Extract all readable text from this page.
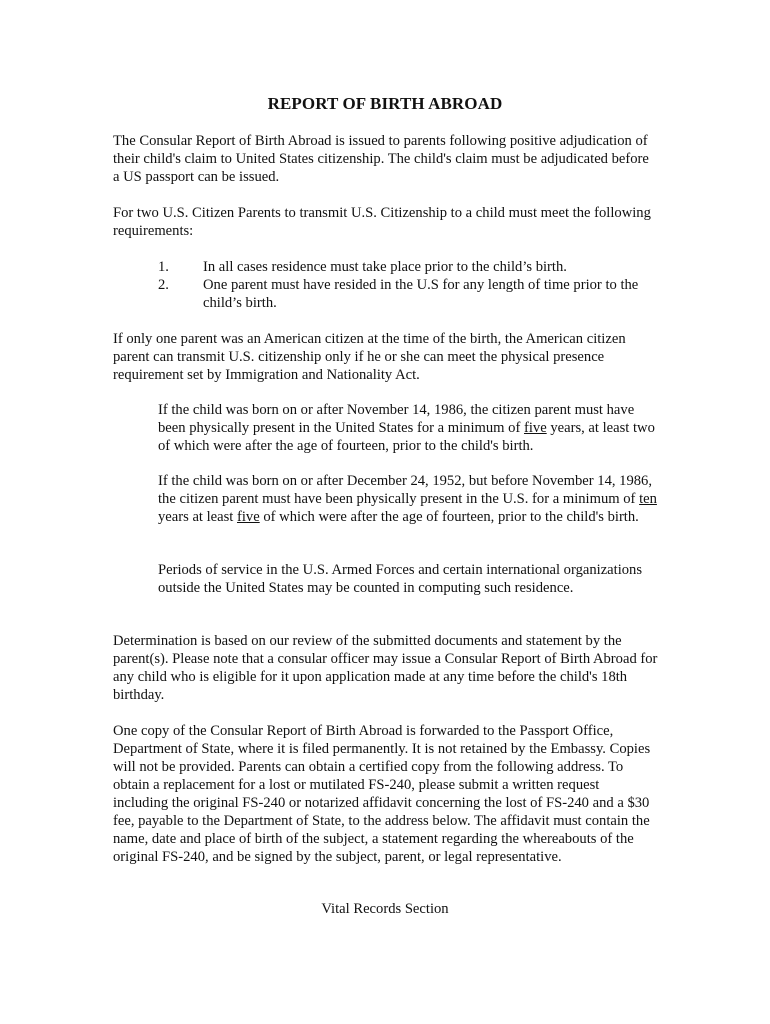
REPORT OF BIRTH ABROAD

The Consular Report of Birth Abroad is issued to parents following positive adjudication of their child's claim to United States citizenship. The child's claim must be adjudicated before a US passport can be issued.

For two U.S. Citizen Parents to transmit U.S. Citizenship to a child must meet the following requirements:

1.	In all cases residence must take place prior to the child’s birth.
2.	One parent must have resided in the U.S for any length of time prior to the child’s birth.

If only one parent was an American citizen at the time of the birth, the American citizen parent can transmit U.S. citizenship only if he or she can meet the physical presence requirement set by Immigration and Nationality Act.

If the child was born on or after November 14, 1986, the citizen parent must have been physically present in the United States for a minimum of five years, at least two of which were after the age of fourteen, prior to the child's birth.

If the child was born on or after December 24, 1952, but before November 14, 1986, the citizen parent must have been physically present in the U.S. for a minimum of ten years at least five of which were after the age of fourteen, prior to the child's birth.

Periods of service in the U.S. Armed Forces and certain international organizations outside the United States may be counted in computing such residence.

Determination is based on our review of the submitted documents and statement by the parent(s). Please note that a consular officer may issue a Consular Report of Birth Abroad for any child who is eligible for it upon application made at any time before the child's 18th birthday.

One copy of the Consular Report of Birth Abroad is forwarded to the Passport Office, Department of State, where it is filed permanently. It is not retained by the Embassy. Copies will not be provided. Parents can obtain a certified copy from the following address. To obtain a replacement for a lost or mutilated FS-240, please submit a written request including the original FS-240 or notarized affidavit concerning the lost of FS-240 and a $30 fee, payable to the Department of State, to the address below. The affidavit must contain the name, date and place of birth of the subject, a statement regarding the whereabouts of the original FS-240, and be signed by the subject, parent, or legal representative.

Vital Records Section
